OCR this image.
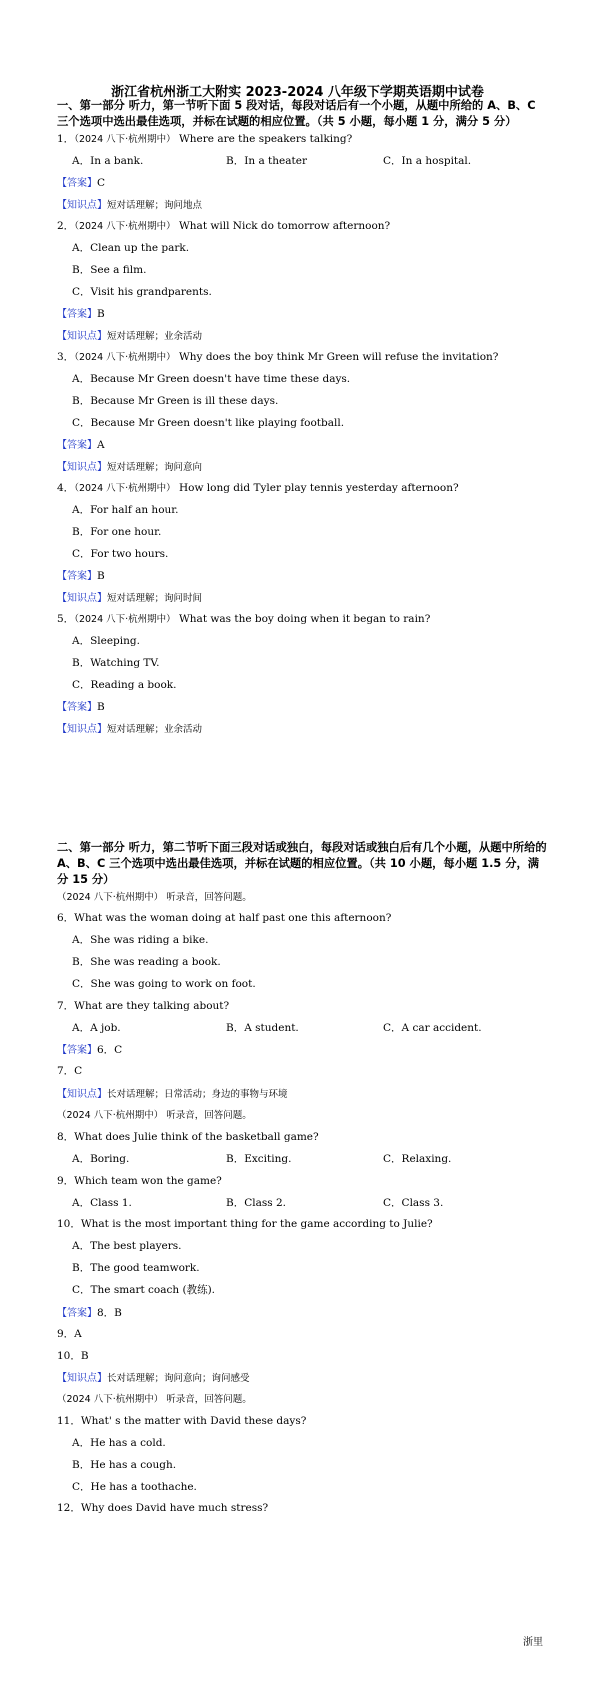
浙江省杭州浙工大附实 2023-2024 八年级下学期英语期中试卷
一、第一部分 听力，第一节听下面 5 段对话，每段对话后有一个小题，从题中所给的 A、B、C 三个选项中选出最佳选项，并标在试题的相应位置。（共 5 小题，每小题 1 分，满分 5 分）
1．（2024 八下·杭州期中） Where are the speakers talking?
A．In a bank.	B．In a theater	C．In a hospital.
【答案】C
【知识点】短对话理解；询问地点
2．（2024 八下·杭州期中） What will Nick do tomorrow afternoon?
A．Clean up the park.
B．See a film.
C．Visit his grandparents.
【答案】B
【知识点】短对话理解；业余活动
3．（2024 八下·杭州期中） Why does the boy think Mr Green will refuse the invitation?
A．Because Mr Green doesn't have time these days.
B．Because Mr Green is ill these days.
C．Because Mr Green doesn't like playing football.
【答案】A
【知识点】短对话理解；询问意向
4．（2024 八下·杭州期中） How long did Tyler play tennis yesterday afternoon?
A．For half an hour.
B．For one hour.
C．For two hours.
【答案】B
【知识点】短对话理解；询问时间
5．（2024 八下·杭州期中） What was the boy doing when it began to rain?
A．Sleeping.
B．Watching TV.
C．Reading a book.
【答案】B
【知识点】短对话理解；业余活动
二、第一部分 听力，第二节听下面三段对话或独白，每段对话或独白后有几个小题，从题中所给的 A、B、C 三个选项中选出最佳选项，并标在试题的相应位置。（共 10 小题，每小题 1.5 分，满分 15 分）
（2024 八下·杭州期中） 听录音，回答问题。
6．What was the woman doing at half past one this afternoon?
A．She was riding a bike.
B．She was reading a book.
C．She was going to work on foot.
7．What are they talking about?
A．A job.	B．A student.	C．A car accident.
【答案】6．C
7．C
【知识点】长对话理解；日常活动；身边的事物与环境
（2024 八下·杭州期中） 听录音，回答问题。
8．What does Julie think of the basketball game?
A．Boring.	B．Exciting.	C．Relaxing.
9．Which team won the game?
A．Class 1.	B．Class 2.	C．Class 3.
10．What is the most important thing for the game according to Julie?
A．The best players.
B．The good teamwork.
C．The smart coach (教练).
【答案】8．B
9．A
10．B
【知识点】长对话理解；询问意向；询问感受
（2024 八下·杭州期中） 听录音，回答问题。
11．What' s the matter with David these days?
A．He has a cold.
B．He has a cough.
C．He has a toothache.
12．Why does David have much stress?
浙里
